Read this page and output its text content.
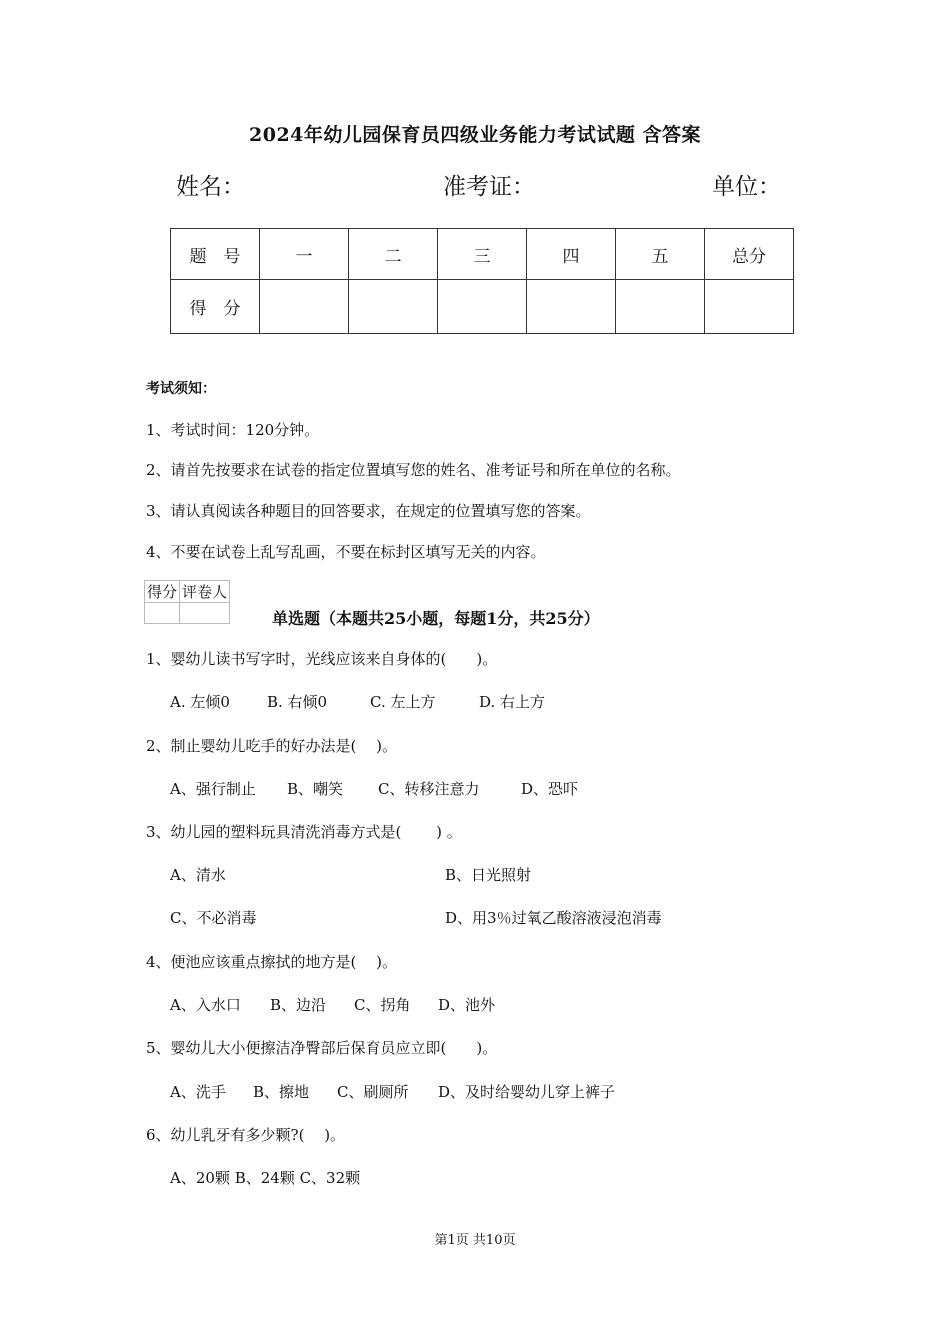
2024年幼儿园保育员四级业务能力考试试题 含答案
姓名：	准考证：	单位：
题　号	一	二	三	四	五	总分
得　分						
考试须知：
1、考试时间：120分钟。
2、请首先按要求在试卷的指定位置填写您的姓名、准考证号和所在单位的名称。
3、请认真阅读各种题目的回答要求，在规定的位置填写您的答案。
4、不要在试卷上乱写乱画，不要在标封区填写无关的内容。
得分	评卷人

单选题（本题共25小题，每题1分，共25分）
1、婴幼儿读书写字时，光线应该来自身体的(　　)。
A. 左倾0 B. 右倾0	C. 左上方	D. 右上方
2、制止婴幼儿吃手的好办法是(　 )。
A、强行制止 B、嘲笑 C、转移注意力	D、恐吓
3、幼儿园的塑料玩具清洗消毒方式是(　　 ) 。
A、清水	B、日光照射
C、不必消毒	D、用3％过氧乙酸溶液浸泡消毒
4、便池应该重点擦拭的地方是(　 )。
A、入水口 B、边沿 C、拐角 D、池外
5、婴幼儿大小便擦洁净臀部后保育员应立即(　　)。
A、洗手 B、擦地 C、刷厕所 D、及时给婴幼儿穿上裤子
6、幼儿乳牙有多少颗?(　 )。
A、20颗 B、24颗 C、32颗
第1页 共10页
